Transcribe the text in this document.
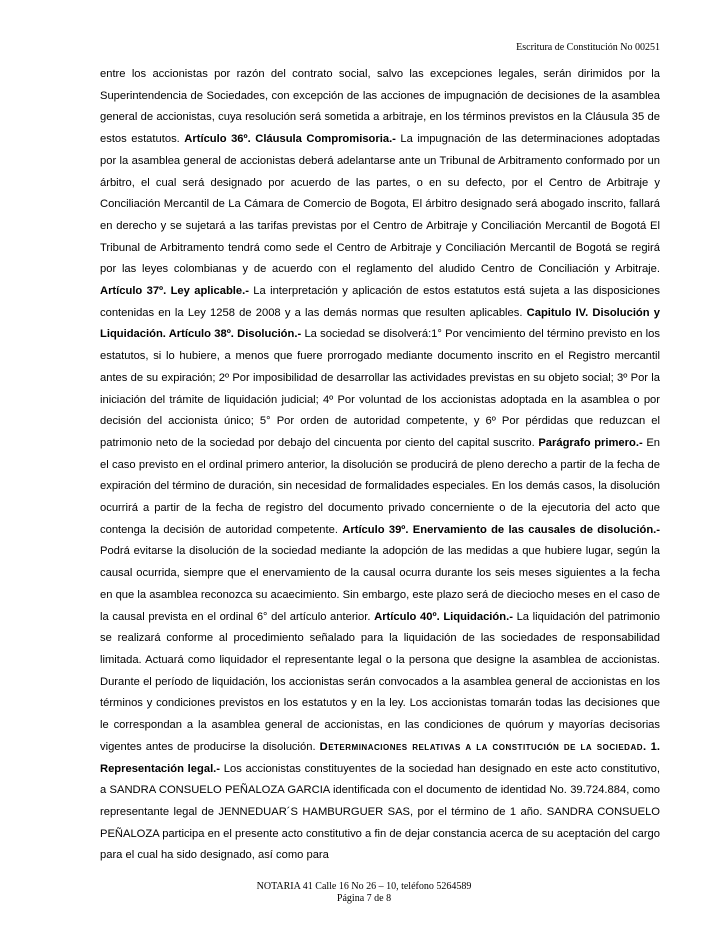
Escritura de Constitución No 00251

entre los accionistas por razón del contrato social, salvo las excepciones legales, serán dirimidos por la Superintendencia de Sociedades, con excepción de las acciones de impugnación de decisiones de la asamblea general de accionistas, cuya resolución será sometida a arbitraje, en los términos previstos en la Cláusula 35 de estos estatutos. Artículo 36º. Cláusula Compromisoria.- La impugnación de las determinaciones adoptadas por la asamblea general de accionistas deberá adelantarse ante un Tribunal de Arbitramento conformado por un árbitro, el cual será designado por acuerdo de las partes, o en su defecto, por el Centro de Arbitraje y Conciliación Mercantil de La Cámara de Comercio de Bogota, El árbitro designado será abogado inscrito, fallará en derecho y se sujetará a las tarifas previstas por el Centro de Arbitraje y Conciliación Mercantil de Bogotá El Tribunal de Arbitramento tendrá como sede el Centro de Arbitraje y Conciliación Mercantil de Bogotá se regirá por las leyes colombianas y de acuerdo con el reglamento del aludido Centro de Conciliación y Arbitraje. Artículo 37º. Ley aplicable.- La interpretación y aplicación de estos estatutos está sujeta a las disposiciones contenidas en la Ley 1258 de 2008 y a las demás normas que resulten aplicables. Capitulo IV. Disolución y Liquidación. Artículo 38º. Disolución.- La sociedad se disolverá:1° Por vencimiento del término previsto en los estatutos, si lo hubiere, a menos que fuere prorrogado mediante documento inscrito en el Registro mercantil antes de su expiración; 2º Por imposibilidad de desarrollar las actividades previstas en su objeto social; 3º Por la iniciación del trámite de liquidación judicial; 4º Por voluntad de los accionistas adoptada en la asamblea o por decisión del accionista único; 5° Por orden de autoridad competente, y 6º Por pérdidas que reduzcan el patrimonio neto de la sociedad por debajo del cincuenta por ciento del capital suscrito. Parágrafo primero.- En el caso previsto en el ordinal primero anterior, la disolución se producirá de pleno derecho a partir de la fecha de expiración del término de duración, sin necesidad de formalidades especiales. En los demás casos, la disolución ocurrirá a partir de la fecha de registro del documento privado concerniente o de la ejecutoria del acto que contenga la decisión de autoridad competente. Artículo 39º. Enervamiento de las causales de disolución.- Podrá evitarse la disolución de la sociedad mediante la adopción de las medidas a que hubiere lugar, según la causal ocurrida, siempre que el enervamiento de la causal ocurra durante los seis meses siguientes a la fecha en que la asamblea reconozca su acaecimiento. Sin embargo, este plazo será de dieciocho meses en el caso de la causal prevista en el ordinal 6° del artículo anterior. Artículo 40º. Liquidación.- La liquidación del patrimonio se realizará conforme al procedimiento señalado para la liquidación de las sociedades de responsabilidad limitada. Actuará como liquidador el representante legal o la persona que designe la asamblea de accionistas. Durante el período de liquidación, los accionistas serán convocados a la asamblea general de accionistas en los términos y condiciones previstos en los estatutos y en la ley. Los accionistas tomarán todas las decisiones que le correspondan a la asamblea general de accionistas, en las condiciones de quórum y mayorías decisorias vigentes antes de producirse la disolución. Determinaciones relativas a la constitución de la sociedad. 1. Representación legal.- Los accionistas constituyentes de la sociedad han designado en este acto constitutivo, a SANDRA CONSUELO PEÑALOZA GARCIA identificada con el documento de identidad No. 39.724.884, como representante legal de JENNEDUAR´S HAMBURGUER SAS, por el término de 1 año. SANDRA CONSUELO PEÑALOZA participa en el presente acto constitutivo a fin de dejar constancia acerca de su aceptación del cargo para el cual ha sido designado, así como para

NOTARIA 41 Calle 16 No 26 – 10, teléfono 5264589
Página 7 de 8
